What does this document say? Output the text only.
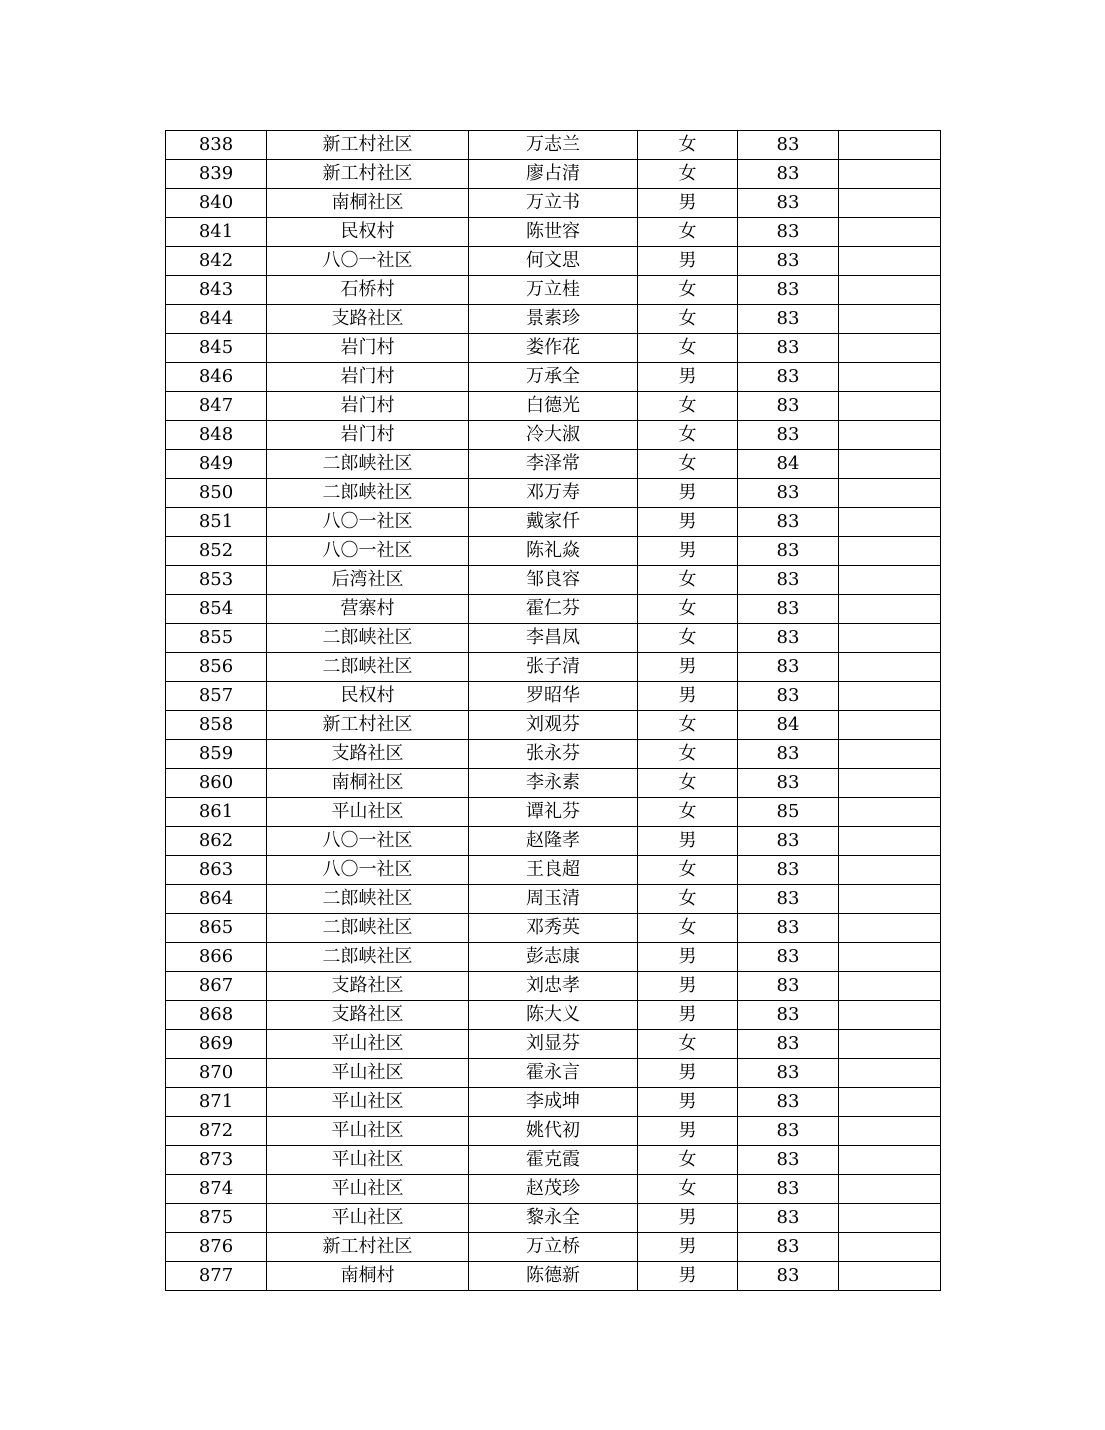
838	新工村社区	万志兰	女	83	
839	新工村社区	廖占清	女	83	
840	南桐社区	万立书	男	83	
841	民权村	陈世容	女	83	
842	八〇一社区	何文思	男	83	
843	石桥村	万立桂	女	83	
844	支路社区	景素珍	女	83	
845	岩门村	娄作花	女	83	
846	岩门村	万承全	男	83	
847	岩门村	白德光	女	83	
848	岩门村	冷大淑	女	83	
849	二郎峡社区	李泽常	女	84	
850	二郎峡社区	邓万寿	男	83	
851	八〇一社区	戴家仟	男	83	
852	八〇一社区	陈礼焱	男	83	
853	后湾社区	邹良容	女	83	
854	营寨村	霍仁芬	女	83	
855	二郎峡社区	李昌凤	女	83	
856	二郎峡社区	张子清	男	83	
857	民权村	罗昭华	男	83	
858	新工村社区	刘观芬	女	84	
859	支路社区	张永芬	女	83	
860	南桐社区	李永素	女	83	
861	平山社区	谭礼芬	女	85	
862	八〇一社区	赵隆孝	男	83	
863	八〇一社区	王良超	女	83	
864	二郎峡社区	周玉清	女	83	
865	二郎峡社区	邓秀英	女	83	
866	二郎峡社区	彭志康	男	83	
867	支路社区	刘忠孝	男	83	
868	支路社区	陈大义	男	83	
869	平山社区	刘显芬	女	83	
870	平山社区	霍永言	男	83	
871	平山社区	李成坤	男	83	
872	平山社区	姚代初	男	83	
873	平山社区	霍克霞	女	83	
874	平山社区	赵茂珍	女	83	
875	平山社区	黎永全	男	83	
876	新工村社区	万立桥	男	83	
877	南桐村	陈德新	男	83	
